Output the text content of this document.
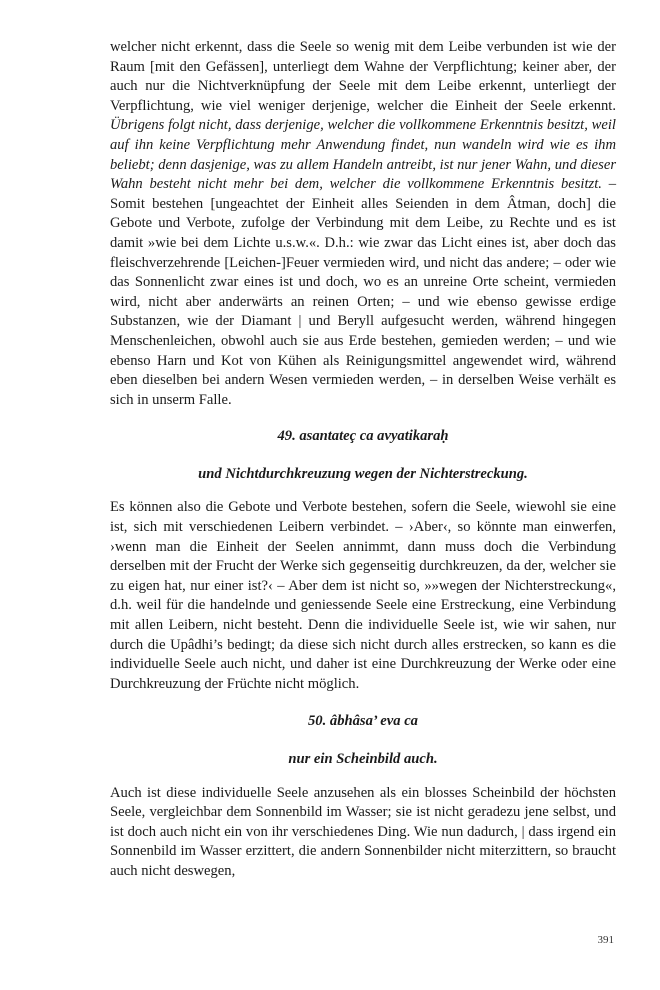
welcher nicht erkennt, dass die Seele so wenig mit dem Leibe verbunden ist wie der Raum [mit den Gefässen], unterliegt dem Wahne der Verpflichtung; keiner aber, der auch nur die Nichtverknüpfung der Seele mit dem Leibe erkennt, unterliegt der Verpflichtung, wie viel weniger derjenige, welcher die Einheit der Seele erkennt. Übrigens folgt nicht, dass derjenige, welcher die vollkommene Erkenntnis besitzt, weil auf ihn keine Verpflichtung mehr Anwendung findet, nun wandeln wird wie es ihm beliebt; denn dasjenige, was zu allem Handeln antreibt, ist nur jener Wahn, und dieser Wahn besteht nicht mehr bei dem, welcher die vollkommene Erkenntnis besitzt. – Somit bestehen [ungeachtet der Einheit alles Seienden in dem Âtman, doch] die Gebote und Verbote, zufolge der Verbindung mit dem Leibe, zu Rechte und es ist damit »wie bei dem Lichte u.s.w.«. D.h.: wie zwar das Licht eines ist, aber doch das fleischverzehrende [Leichen-]Feuer vermieden wird, und nicht das andere; – oder wie das Sonnenlicht zwar eines ist und doch, wo es an unreine Orte scheint, vermieden wird, nicht aber anderwärts an reinen Orten; – und wie ebenso gewisse erdige Substanzen, wie der Diamant | und Beryll aufgesucht werden, während hingegen Menschenleichen, obwohl auch sie aus Erde bestehen, gemieden werden; – und wie ebenso Harn und Kot von Kühen als Reinigungsmittel angewendet wird, während eben dieselben bei andern Wesen vermieden werden, – in derselben Weise verhält es sich in unserm Falle.

49. asantateç ca avyatikaraḥ

und Nichtdurchkreuzung wegen der Nichterstreckung.

Es können also die Gebote und Verbote bestehen, sofern die Seele, wiewohl sie eine ist, sich mit verschiedenen Leibern verbindet. – ›Aber‹, so könnte man einwerfen, ›wenn man die Einheit der Seelen annimmt, dann muss doch die Verbindung derselben mit der Frucht der Werke sich gegenseitig durchkreuzen, da der, welcher sie zu eigen hat, nur einer ist?‹ – Aber dem ist nicht so, »»wegen der Nichterstreckung«, d.h. weil für die handelnde und geniessende Seele eine Erstreckung, eine Verbindung mit allen Leibern, nicht besteht. Denn die individuelle Seele ist, wie wir sahen, nur durch die Upâdhi’s bedingt; da diese sich nicht durch alles erstrecken, so kann es die individuelle Seele auch nicht, und daher ist eine Durchkreuzung der Werke oder eine Durchkreuzung der Früchte nicht möglich.

50. âbhâsa’ eva ca

nur ein Scheinbild auch.

Auch ist diese individuelle Seele anzusehen als ein blosses Scheinbild der höchsten Seele, vergleichbar dem Sonnenbild im Wasser; sie ist nicht geradezu jene selbst, und ist doch auch nicht ein von ihr verschiedenes Ding. Wie nun dadurch, | dass irgend ein Sonnenbild im Wasser erzittert, die andern Sonnenbilder nicht miterzittern, so braucht auch nicht deswegen,

391
